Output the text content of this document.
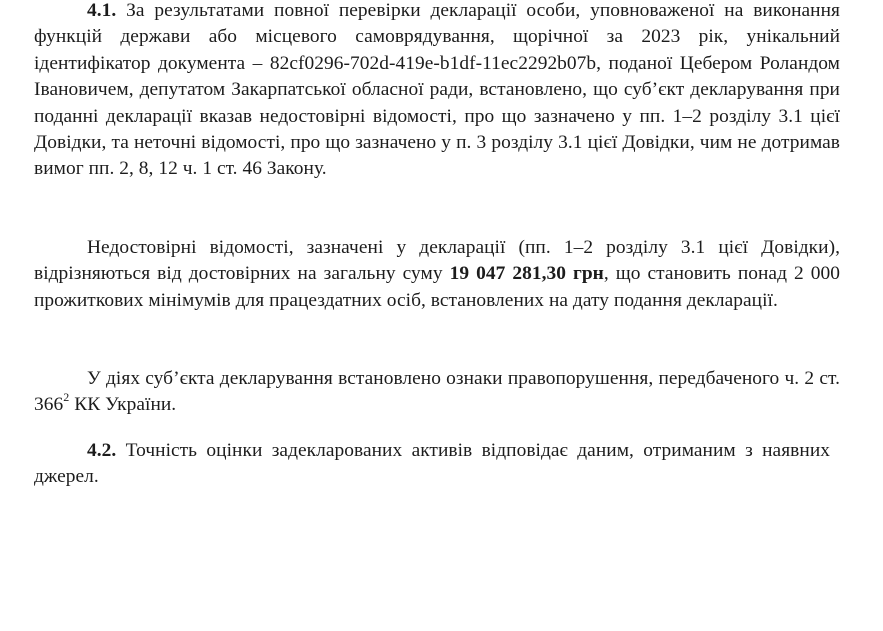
4.1. За результатами повної перевірки декларації особи, уповноваженої на виконання функцій держави або місцевого самоврядування, щорічної за 2023 рік, унікальний ідентифікатор документа – 82cf0296-702d-419e-b1df-11ec2292b07b, поданої Цебером Роландом Івановичем, депутатом Закарпатської обласної ради, встановлено, що суб’єкт декларування при поданні декларації вказав недостовірні відомості, про що зазначено у пп. 1–2 розділу 3.1 цієї Довідки, та неточні відомості, про що зазначено у п. 3 розділу 3.1 цієї Довідки, чим не дотримав вимог пп. 2, 8, 12 ч. 1 ст. 46 Закону.

Недостовірні відомості, зазначені у декларації (пп. 1–2 розділу 3.1 цієї Довідки), відрізняються від достовірних на загальну суму 19 047 281,30 грн, що становить понад 2 000 прожиткових мінімумів для працездатних осіб, встановлених на дату подання декларації.

У діях суб’єкта декларування встановлено ознаки правопорушення, передбаченого ч. 2 ст. $366^2$ КК України.

4.2. Точність оцінки задекларованих активів відповідає даним, отриманим з наявних джерел.
